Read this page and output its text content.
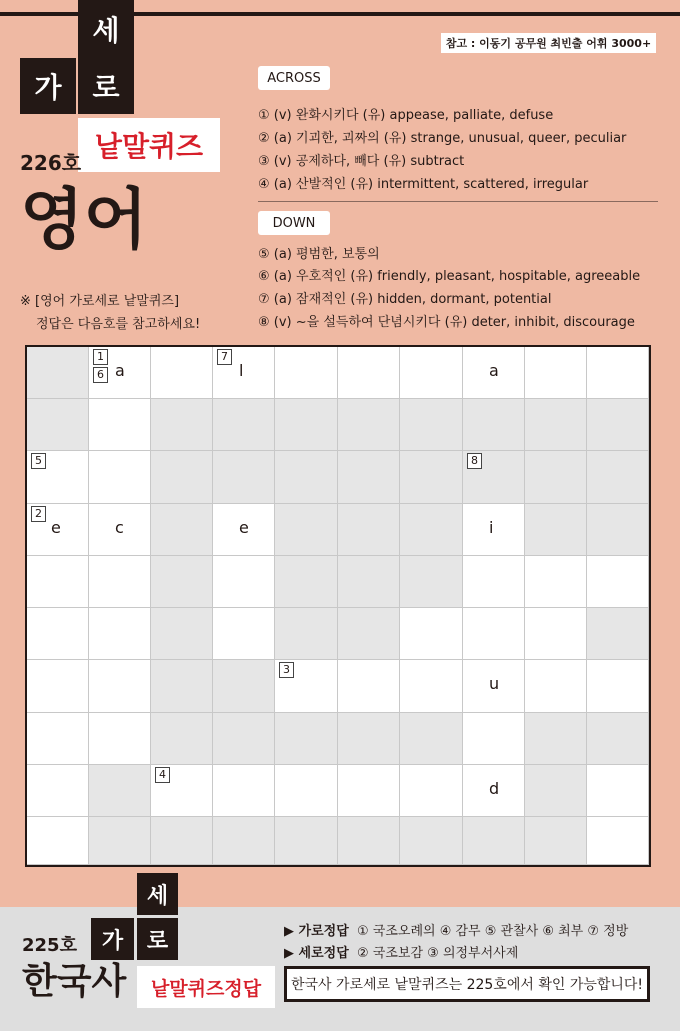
세
가 로
낱말퀴즈
226호
영어
※ [영어 가로세로 낱말퀴즈]
정답은 다음호를 참고하세요!
참고 : 이동기 공무원 최빈출 어휘 3000+
ACROSS
① (v) 완화시키다 (유) appease, palliate, defuse
② (a) 기괴한, 괴짜의 (유) strange, unusual, queer, peculiar
③ (v) 공제하다, 빼다 (유) subtract
④ (a) 산발적인 (유) intermittent, scattered, irregular
DOWN
⑤ (a) 평범한, 보통의
⑥ (a) 우호적인 (유) friendly, pleasant, hospitable, agreeable
⑦ (a) 잠재적인 (유) hidden, dormant, potential
⑧ (v) ~을 설득하여 단념시키다 (유) deter, inhibit, discourage
1
6
7
5	8
2
3
4
a	l	a
e	c	e	i
u
d
세
가 로
225호
한국사 낱말퀴즈정답
▶ 가로정답 ① 국조오례의 ④ 감무 ⑤ 관찰사 ⑥ 최부 ⑦ 정방
▶ 세로정답 ② 국조보감 ③ 의정부서사제
한국사 가로세로 낱말퀴즈는 225호에서 확인 가능합니다!
